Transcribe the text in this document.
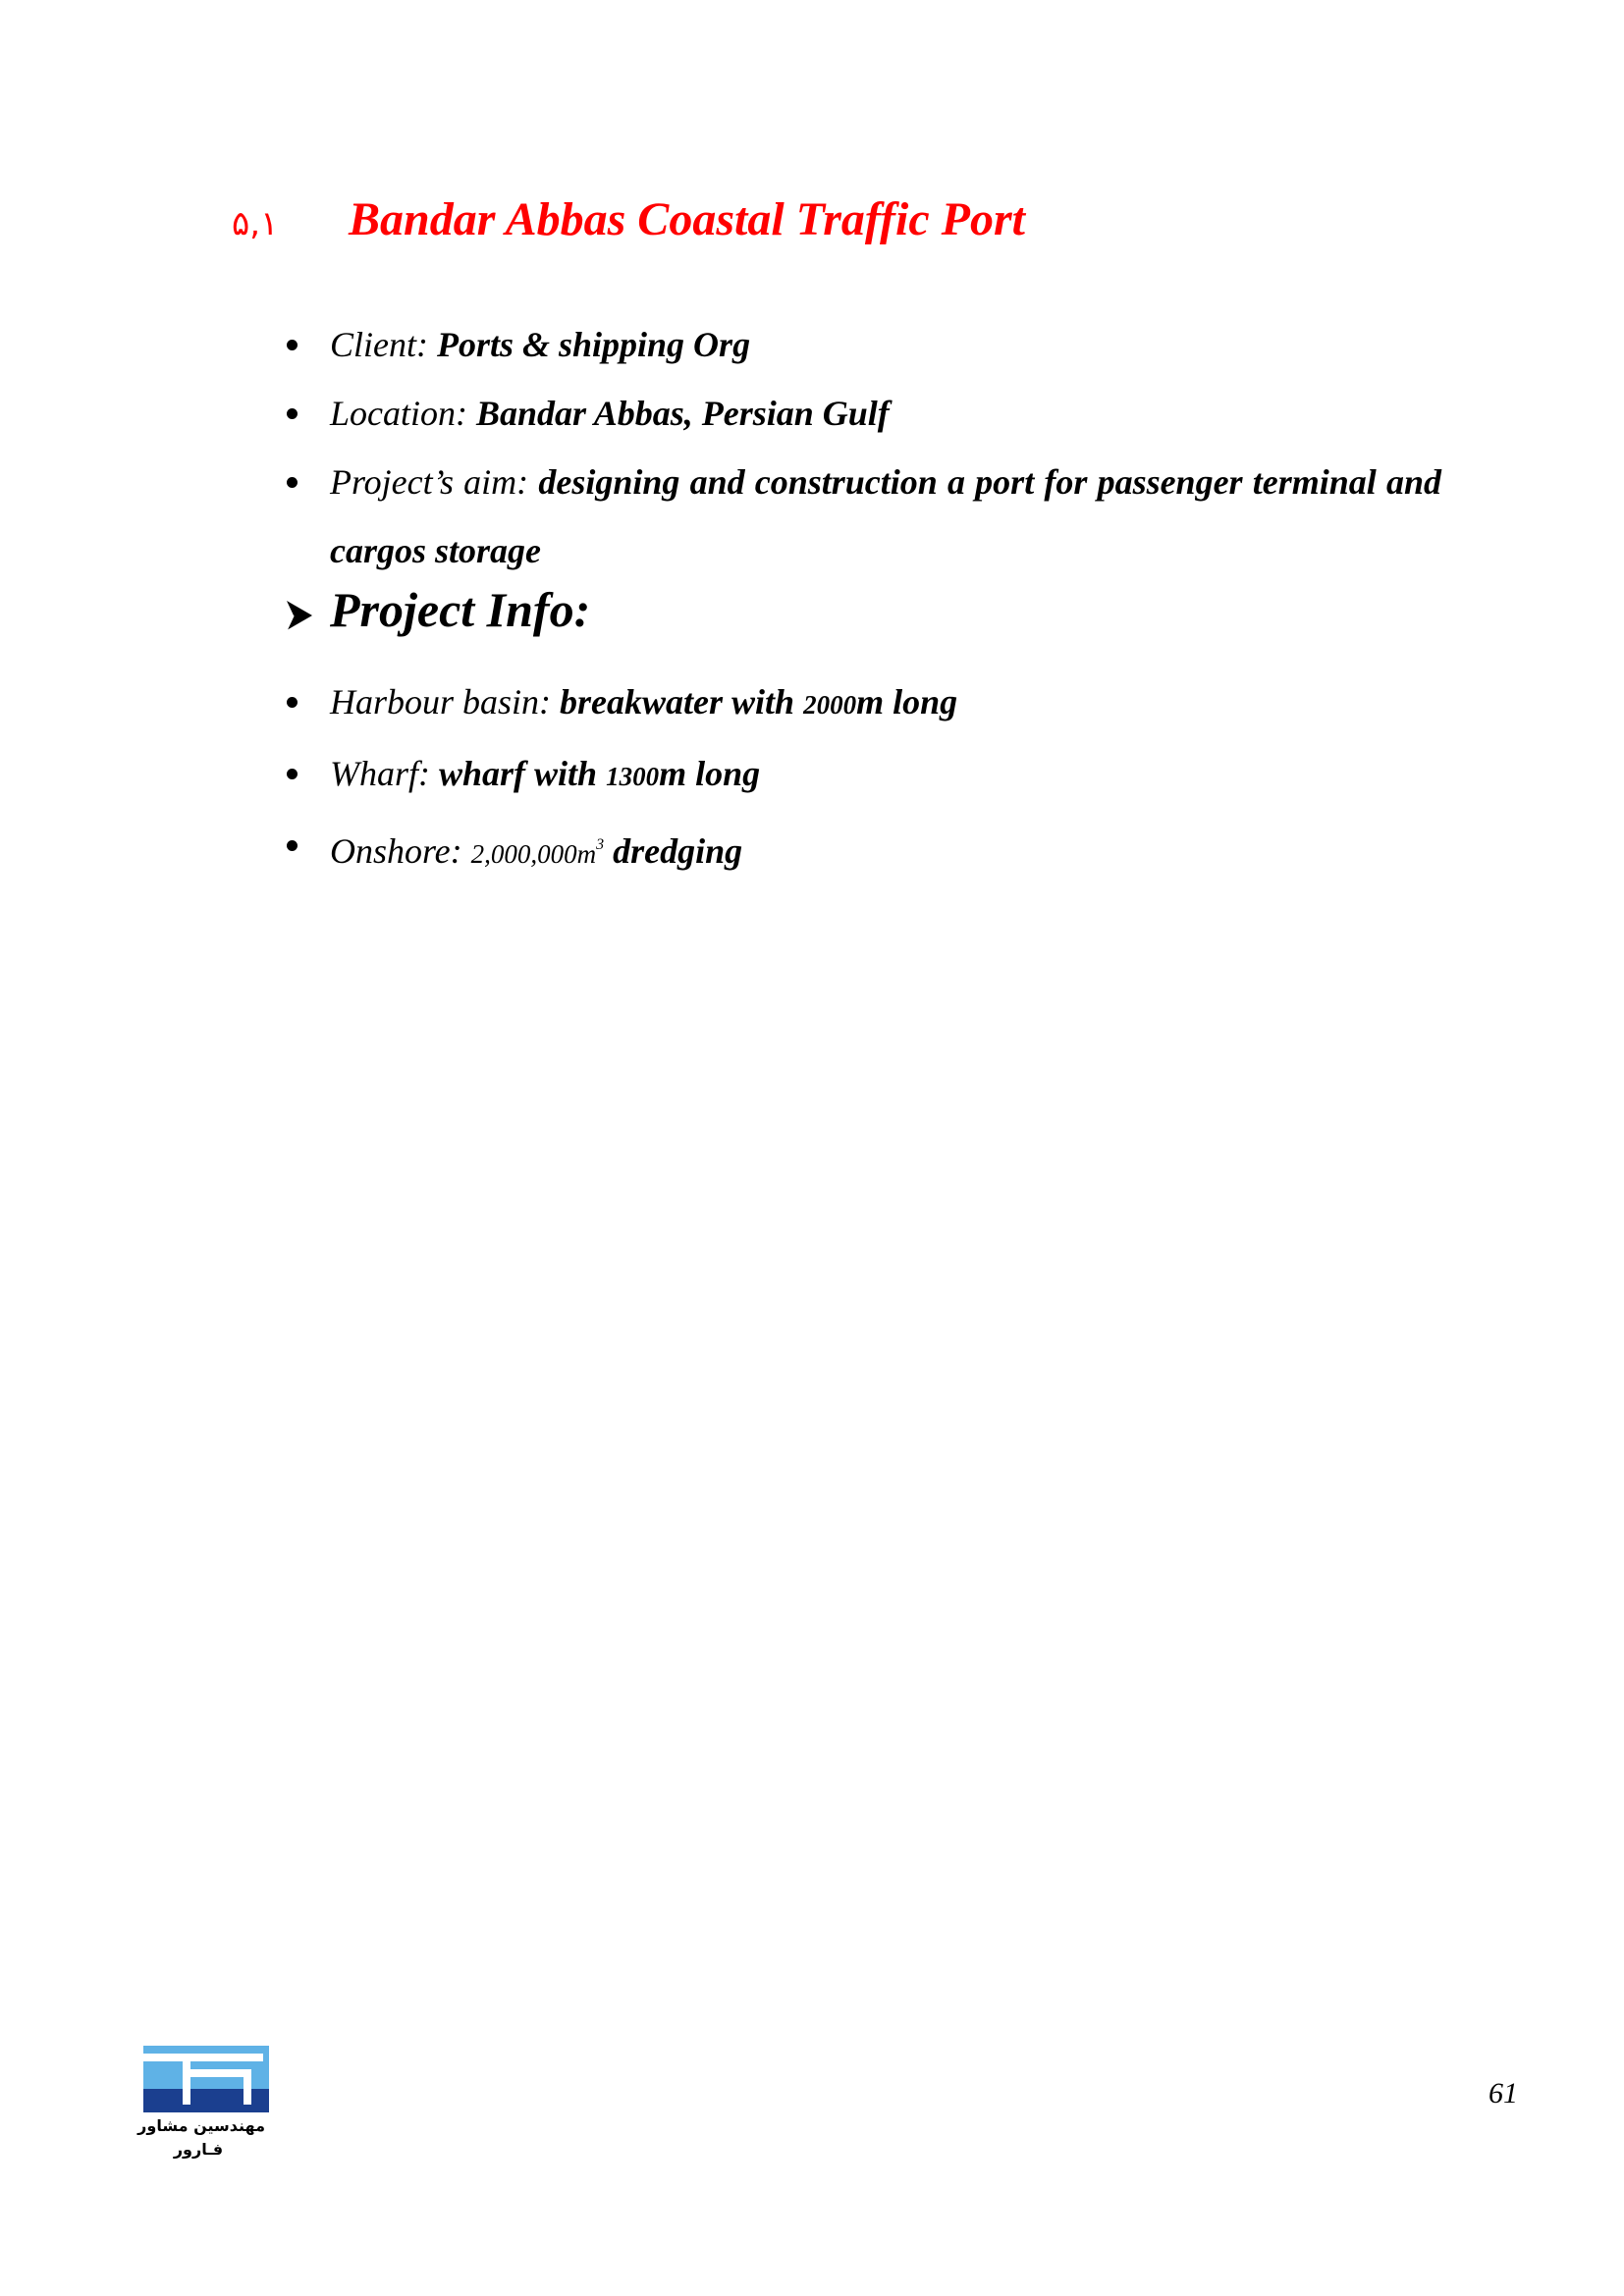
۵,۱ Bandar Abbas Coastal Traffic Port
Client: Ports & shipping Org
Location: Bandar Abbas, Persian Gulf
Project’s aim: designing and construction a port for passenger terminal and cargos storage
Project Info:
Harbour basin: breakwater with 2000m long
Wharf: wharf with 1300m long
Onshore: $2,000,000m^3$ dredging
مهندسین مشاور
فـارور
61
